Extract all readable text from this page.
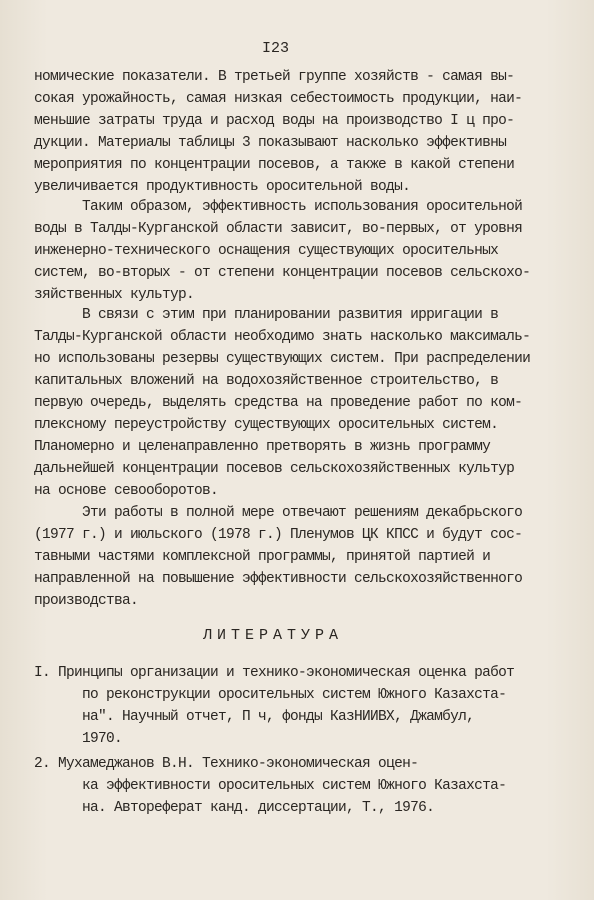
I23
номические показатели. В третьей группе хозяйств - самая вы-
сокая урожайность, самая низкая себестоимость продукции, наи-
меньшие затраты труда и расход воды на производство I ц про-
дукции. Материалы таблицы 3 показывают насколько эффективны
мероприятия по концентрации посевов, а также в какой степени
увеличивается продуктивность оросительной воды.
Таким образом, эффективность использования оросительной
воды в Талды-Курганской области зависит, во-первых, от уровня
инженерно-технического оснащения существующих оросительных
систем, во-вторых - от степени концентрации посевов сельскохо-
зяйственных культур.
В связи с этим при планировании развития ирригации в
Талды-Курганской области необходимо знать насколько максималь-
но использованы резервы существующих систем. При распределении
капитальных вложений на водохозяйственное строительство, в
первую очередь, выделять средства на проведение работ по ком-
плексному переустройству существующих оросительных систем.
Планомерно и целенаправленно претворять в жизнь программу
дальнейшей концентрации посевов сельскохозяйственных культур
на основе севооборотов.
Эти работы в полной мере отвечают решениям декабрьского
(1977 г.) и июльского (1978 г.) Пленумов ЦК КПСС и будут сос-
тавными частями комплексной программы, принятой партией и
направленной на повышение эффективности сельскохозяйственного
производства.
ЛИТЕРАТУРА
I. Принципы организации и технико-экономическая оценка работ
по реконструкции оросительных систем Южного Казахста-
на". Научный отчет, П ч, фонды КазНИИВХ, Джамбул,
1970.
2. Мухамеджанов В.Н. Технико-экономическая оцен-
ка эффективности оросительных систем Южного Казахста-
на. Автореферат канд. диссертации, Т., 1976.
